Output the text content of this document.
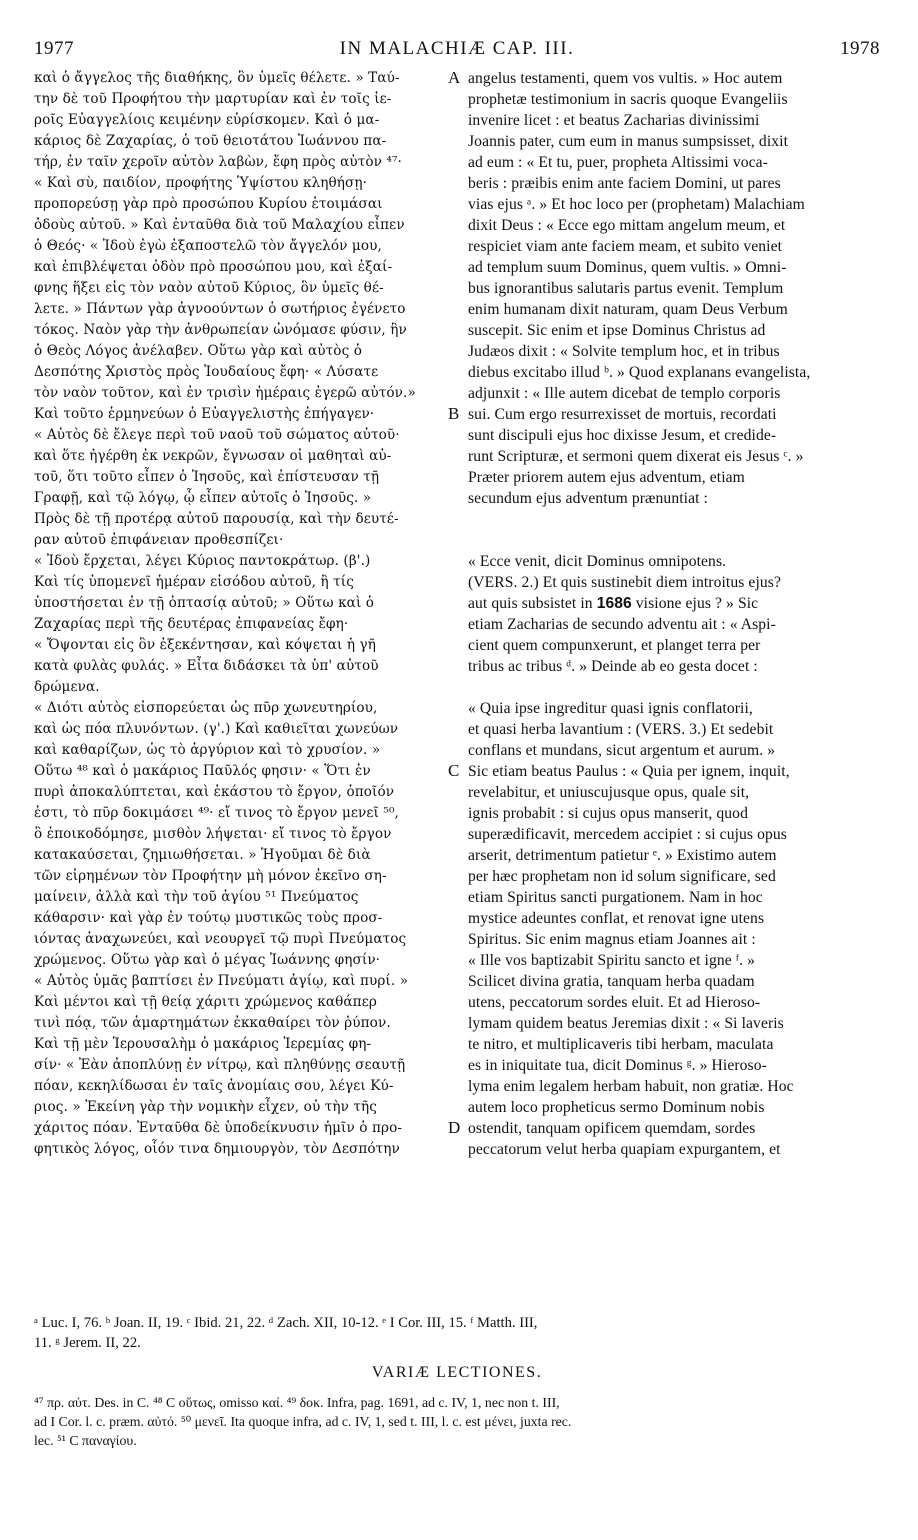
1977	IN MALACHIÆ CAP. III.	1978
καὶ ὁ ἄγγελος τῆς διαθήκης, ὃν ὑμεῖς θέλετε. » Ταύ-
την δὲ τοῦ Προφήτου τὴν μαρτυρίαν καὶ ἐν τοῖς ἱε-
ροῖς Εὐαγγελίοις κειμένην εὑρίσκομεν. Καὶ ὁ μα-
κάριος δὲ Ζαχαρίας, ὁ τοῦ θειοτάτου Ἰωάννου πα-
τήρ, ἐν ταῖν χεροῖν αὐτὸν λαβὼν, ἔφη πρὸς αὐτὸν ⁴⁷·
« Καὶ σὺ, παιδίον, προφήτης Ὑψίστου κληθήσῃ·
προπορεύσῃ γὰρ πρὸ προσώπου Κυρίου ἑτοιμάσαι
ὁδοὺς αὐτοῦ. » Καὶ ἐνταῦθα διὰ τοῦ Μαλαχίου εἶπεν
ὁ Θεός· « Ἰδοὺ ἐγὼ ἐξαποστελῶ τὸν ἄγγελόν μου,
καὶ ἐπιβλέψεται ὁδὸν πρὸ προσώπου μου, καὶ ἐξαί-
φνης ἥξει εἰς τὸν ναὸν αὐτοῦ Κύριος, ὃν ὑμεῖς θέ-
λετε. » Πάντων γὰρ ἀγνοούντων ὁ σωτήριος ἐγένετο
τόκος. Ναὸν γὰρ τὴν ἀνθρωπείαν ὠνόμασε φύσιν, ἣν
ὁ Θεὸς Λόγος ἀνέλαβεν. Οὕτω γὰρ καὶ αὐτὸς ὁ
Δεσπότης Χριστὸς πρὸς Ἰουδαίους ἔφη· « Λύσατε
τὸν ναὸν τοῦτον, καὶ ἐν τρισὶν ἡμέραις ἐγερῶ αὐτόν.»
Καὶ τοῦτο ἑρμηνεύων ὁ Εὐαγγελιστὴς ἐπήγαγεν·
« Αὐτὸς δὲ ἔλεγε περὶ τοῦ ναοῦ τοῦ σώματος αὐτοῦ·
καὶ ὅτε ἠγέρθη ἐκ νεκρῶν, ἔγνωσαν οἱ μαθηταὶ αὐ-
τοῦ, ὅτι τοῦτο εἶπεν ὁ Ἰησοῦς, καὶ ἐπίστευσαν τῇ
Γραφῇ, καὶ τῷ λόγῳ, ᾧ εἶπεν αὐτοῖς ὁ Ἰησοῦς. »
Πρὸς δὲ τῇ προτέρᾳ αὐτοῦ παρουσίᾳ, καὶ τὴν δευτέ-
ραν αὐτοῦ ἐπιφάνειαν προθεσπίζει·
« Ἰδοὺ ἔρχεται, λέγει Κύριος παντοκράτωρ. (β'.)
Καὶ τίς ὑπομενεῖ ἡμέραν εἰσόδου αὐτοῦ, ἢ τίς
ὑποστήσεται ἐν τῇ ὀπτασίᾳ αὐτοῦ; » Οὕτω καὶ ὁ
Ζαχαρίας περὶ τῆς δευτέρας ἐπιφανείας ἔφη·
« Ὄψονται εἰς ὃν ἐξεκέντησαν, καὶ κόψεται ἡ γῆ
κατὰ φυλὰς φυλάς. » Εἶτα διδάσκει τὰ ὑπ' αὐτοῦ
δρώμενα.
« Διότι αὐτὸς εἰσπορεύεται ὡς πῦρ χωνευτηρίου,
καὶ ὡς πόα πλυνόντων. (γ'.) Καὶ καθιεῖται χωνεύων
καὶ καθαρίζων, ὡς τὸ ἀργύριον καὶ τὸ χρυσίον. »
Οὕτω ⁴⁸ καὶ ὁ μακάριος Παῦλός φησιν· « Ὅτι ἐν
πυρὶ ἀποκαλύπτεται, καὶ ἑκάστου τὸ ἔργον, ὁποῖόν
ἐστι, τὸ πῦρ δοκιμάσει ⁴⁹· εἴ τινος τὸ ἔργον μενεῖ ⁵⁰,
ὃ ἐποικοδόμησε, μισθὸν λήψεται· εἴ τινος τὸ ἔργον
κατακαύσεται, ζημιωθήσεται. » Ἡγοῦμαι δὲ διὰ
τῶν εἰρημένων τὸν Προφήτην μὴ μόνον ἐκεῖνο ση-
μαίνειν, ἀλλὰ καὶ τὴν τοῦ ἁγίου ⁵¹ Πνεύματος
κάθαρσιν· καὶ γὰρ ἐν τούτῳ μυστικῶς τοὺς προσ-
ιόντας ἀναχωνεύει, καὶ νεουργεῖ τῷ πυρὶ Πνεύματος
χρώμενος. Οὕτω γὰρ καὶ ὁ μέγας Ἰωάννης φησίν·
« Αὐτὸς ὑμᾶς βαπτίσει ἐν Πνεύματι ἁγίῳ, καὶ πυρί. »
Καὶ μέντοι καὶ τῇ θείᾳ χάριτι χρώμενος καθάπερ
τινὶ πόᾳ, τῶν ἁμαρτημάτων ἐκκαθαίρει τὸν ῥύπον.
Καὶ τῇ μὲν Ἱερουσαλὴμ ὁ μακάριος Ἱερεμίας φη-
σίν· « Ἐὰν ἀποπλύνῃ ἐν νίτρῳ, καὶ πληθύνῃς σεαυτῇ
πόαν, κεκηλίδωσαι ἐν ταῖς ἀνομίαις σου, λέγει Κύ-
ριος. » Ἐκείνη γὰρ τὴν νομικὴν εἶχεν, οὐ τὴν τῆς
χάριτος πόαν. Ἐνταῦθα δὲ ὑποδείκνυσιν ἡμῖν ὁ προ-
φητικὸς λόγος, οἷόν τινα δημιουργὸν, τὸν Δεσπότην
angelus testamenti, quem vos vultis. » Hoc autem
prophetæ testimonium in sacris quoque Evangeliis
invenire licet : et beatus Zacharias divinissimi
Joannis pater, cum eum in manus sumpsisset, dixit
ad eum : « Et tu, puer, propheta Altissimi voca-
beris : præibis enim ante faciem Domini, ut pares
vias ejus ᵃ. » Et hoc loco per (prophetam) Malachiam
dixit Deus : « Ecce ego mittam angelum meum, et
respiciet viam ante faciem meam, et subito veniet
ad templum suum Dominus, quem vultis. » Omni-
bus ignorantibus salutaris partus evenit. Templum
enim humanam dixit naturam, quam Deus Verbum
suscepit. Sic enim et ipse Dominus Christus ad
Judæos dixit : « Solvite templum hoc, et in tribus
diebus excitabo illud ᵇ. » Quod explanans evangelista,
adjunxit : « Ille autem dicebat de templo corporis
sui. Cum ergo resurrexisset de mortuis, recordati
sunt discipuli ejus hoc dixisse Jesum, et credide-
runt Scripturæ, et sermoni quem dixerat eis Jesus ᶜ. »
Præter priorem autem ejus adventum, etiam
secundum ejus adventum prænuntiat :
« Ecce venit, dicit Dominus omnipotens.
(VERS. 2.) Et quis sustinebit diem introitus ejus?
aut quis subsistet in 1686 visione ejus ? » Sic
etiam Zacharias de secundo adventu ait : « Aspi-
cient quem compunxerunt, et planget terra per
tribus ac tribus ᵈ. » Deinde ab eo gesta docet :
« Quia ipse ingreditur quasi ignis conflatorii,
et quasi herba lavantium : (VERS. 3.) Et sedebit
conflans et mundans, sicut argentum et aurum. »
Sic etiam beatus Paulus : « Quia per ignem, inquit,
revelabitur, et uniuscujusque opus, quale sit,
ignis probabit : si cujus opus manserit, quod
superædificavit, mercedem accipiet : si cujus opus
arserit, detrimentum patietur ᵉ. » Existimo autem
per hæc prophetam non id solum significare, sed
etiam Spiritus sancti purgationem. Nam in hoc
mystice adeuntes conflat, et renovat igne utens
Spiritus. Sic enim magnus etiam Joannes ait :
« Ille vos baptizabit Spiritu sancto et igne ᶠ. »
Scilicet divina gratia, tanquam herba quadam
utens, peccatorum sordes eluit. Et ad Hieroso-
lymam quidem beatus Jeremias dixit : « Si laveris
te nitro, et multiplicaveris tibi herbam, maculata
es in iniquitate tua, dicit Dominus ᵍ. » Hieroso-
lyma enim legalem herbam habuit, non gratiæ. Hoc
autem loco propheticus sermo Dominum nobis
ostendit, tanquam opificem quemdam, sordes
peccatorum velut herba quapiam expurgantem, et
A
B
C
D
ᵃ Luc. I, 76. ᵇ Joan. II, 19. ᶜ Ibid. 21, 22. ᵈ Zach. XII, 10-12. ᵉ I Cor. III, 15. ᶠ Matth. III,
11. ᵍ Jerem. II, 22.
VARIÆ LECTIONES.
⁴⁷ πρ. αὐτ. Des. in C. ⁴⁸ C οὕτως, omisso καί. ⁴⁹ δοκ. Infra, pag. 1691, ad c. IV, 1, nec non t. III,
ad I Cor. l. c. præm. αὐτό. ⁵⁰ μενεῖ. Ita quoque infra, ad c. IV, 1, sed t. III, l. c. est μένει, juxta rec.
lec. ⁵¹ C παναγίου.
